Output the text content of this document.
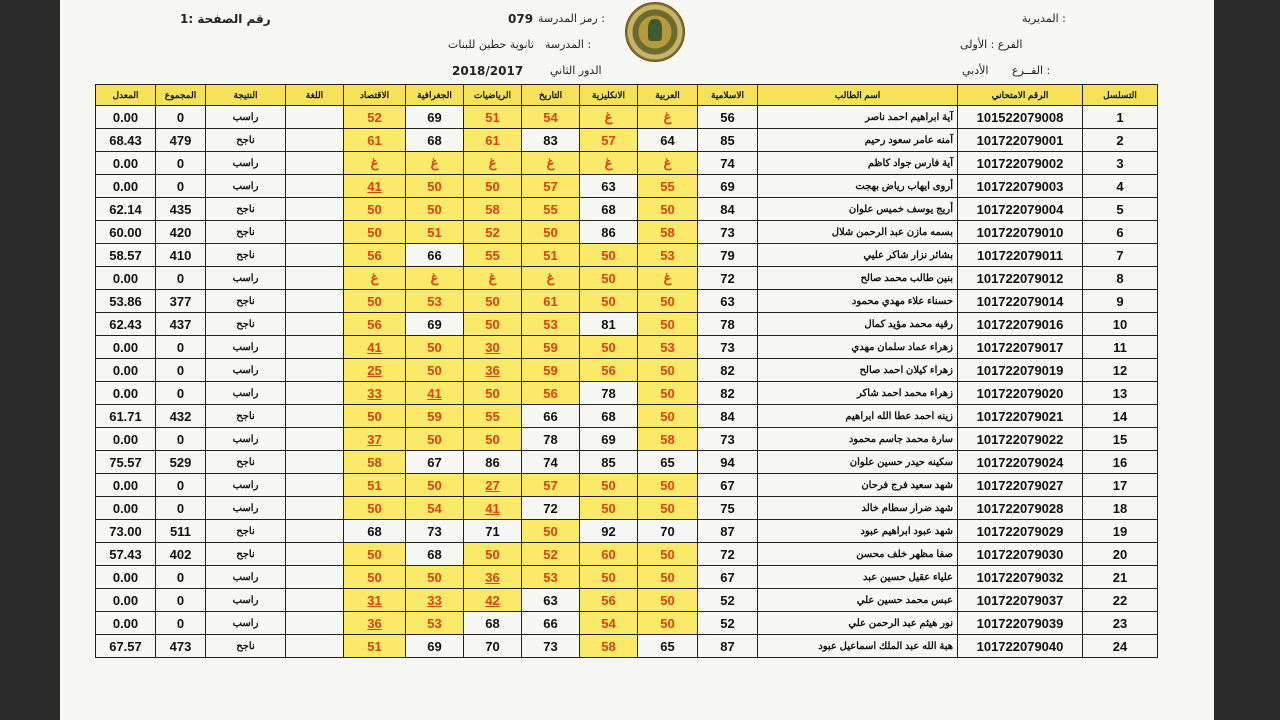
رقم الصفحة :1	رمز المدرسة :
079
المدرسة :
ثانوية حطين للبنات
2018/2017 الدور الثاني
المديرية :
الفرع : الأولى
الفــرع :
الأدبي
المعدل	المجموع	النتيجة	اللغة	الاقتصاد	الجغرافية	الرياضيات	التاريخ	الانكليزية	العربية	الاسلامية	اسم الطالب	الرقم الامتحاني	التسلسل
0.00	0	راسب		52	69	51	54	غ	غ	56	آية ابراهيم احمد ناصر	101522079008	1
68.43	479	ناجح		61	68	61	83	57	64	85	آمنه عامر سعود رحيم	101722079001	2
0.00	0	راسب		غ	غ	غ	غ	غ	غ	74	آية فارس جواد كاظم	101722079002	3
0.00	0	راسب		41	50	50	57	63	55	69	أروى ايهاب رياض بهجت	101722079003	4
62.14	435	ناجح		50	50	58	55	68	50	84	أريج يوسف خميس علوان	101722079004	5
60.00	420	ناجح		50	51	52	50	86	58	73	بسمه مازن عبد الرحمن شلال	101722079010	6
58.57	410	ناجح		56	66	55	51	50	53	79	بشائر نزار شاكر عليي	101722079011	7
0.00	0	راسب		غ	غ	غ	غ	50	غ	72	بنين طالب محمد صالح	101722079012	8
53.86	377	ناجح		50	53	50	61	50	50	63	حسناء علاء مهدي محمود	101722079014	9
62.43	437	ناجح		56	69	50	53	81	50	78	رقيه محمد مؤيد كمال	101722079016	10
0.00	0	راسب		41	50	30	59	50	53	73	زهراء عماد سلمان مهدي	101722079017	11
0.00	0	راسب		25	50	36	59	56	50	82	زهراء كيلان احمد صالح	101722079019	12
0.00	0	راسب		33	41	50	56	78	50	82	زهراء محمد احمد شاكر	101722079020	13
61.71	432	ناجح		50	59	55	66	68	50	84	زينه احمد عطا الله ابراهيم	101722079021	14
0.00	0	راسب		37	50	50	78	69	58	73	سارة محمد جاسم محمود	101722079022	15
75.57	529	ناجح		58	67	86	74	85	65	94	سكينه حيدر حسين علوان	101722079024	16
0.00	0	راسب		51	50	27	57	50	50	67	شهد سعيد فرج فرحان	101722079027	17
0.00	0	راسب		50	54	41	72	50	50	75	شهد ضرار سطام خالد	101722079028	18
73.00	511	ناجح		68	73	71	50	92	70	87	شهد عبود ابراهيم عبود	101722079029	19
57.43	402	ناجح		50	68	50	52	60	50	72	صفا مظهر خلف محسن	101722079030	20
0.00	0	راسب		50	50	36	53	50	50	67	علياء عقيل حسين عبد	101722079032	21
0.00	0	راسب		31	33	42	63	56	50	52	عبس محمد حسين علي	101722079037	22
0.00	0	راسب		36	53	68	66	54	50	52	نور هيثم عبد الرحمن علي	101722079039	23
67.57	473	ناجح		51	69	70	73	58	65	87	هبة الله عبد الملك اسماعيل عبود	101722079040	24
